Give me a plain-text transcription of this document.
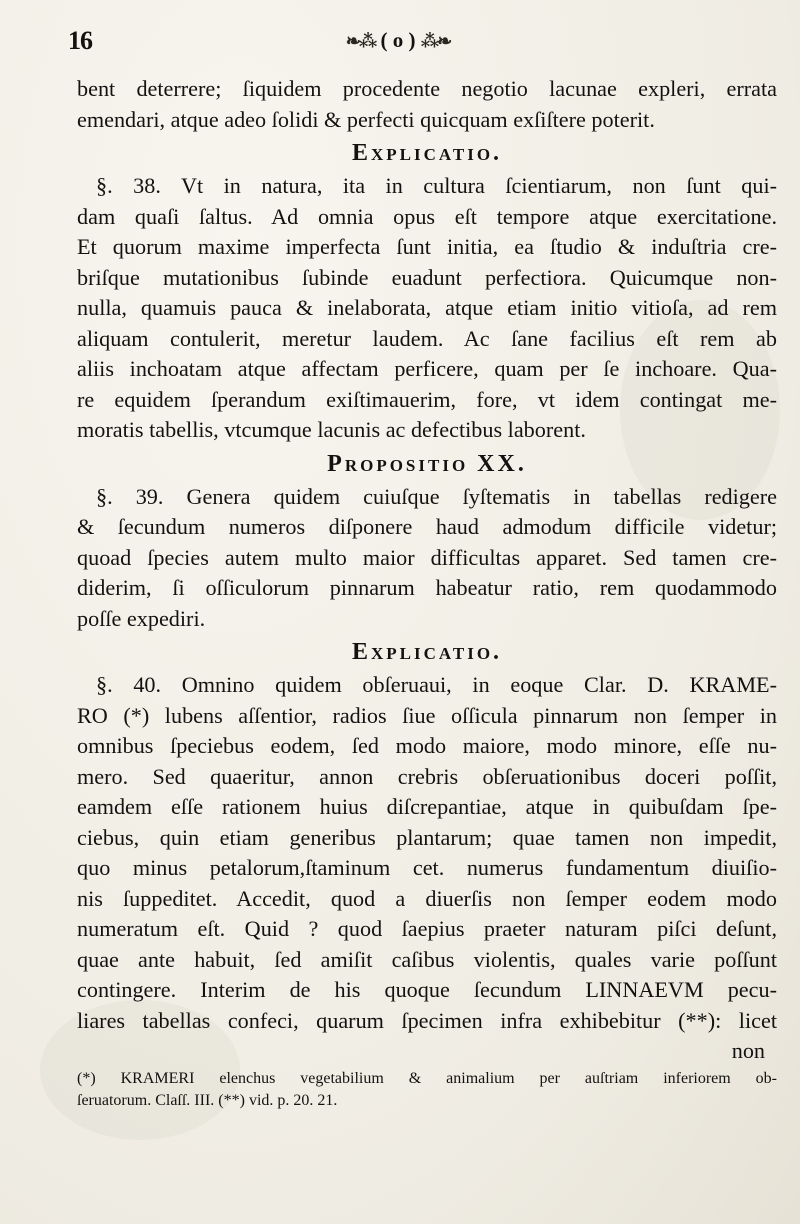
16	❧⁂ ( o ) ⁂❧
bent deterrere; ſiquidem procedente negotio lacunae expleri, errata
emendari, atque adeo ſolidi & perfecti quicquam exſiſtere poterit.
Explicatio.
§. 38. Vt in natura, ita in cultura ſcientiarum, non ſunt qui-
dam quaſi ſaltus. Ad omnia opus eſt tempore atque exercitatione.
Et quorum maxime imperfecta ſunt initia, ea ſtudio & induſtria cre-
briſque mutationibus ſubinde euadunt perfectiora. Quicumque non-
nulla, quamuis pauca & inelaborata, atque etiam initio vitioſa, ad rem
aliquam contulerit, meretur laudem. Ac ſane facilius eſt rem ab
aliis inchoatam atque affectam perficere, quam per ſe inchoare. Qua-
re equidem ſperandum exiſtimauerim, fore, vt idem contingat me-
moratis tabellis, vtcumque lacunis ac defectibus laborent.
Propositio XX.
§. 39. Genera quidem cuiuſque ſyſtematis in tabellas redigere
& ſecundum numeros diſponere haud admodum difficile videtur;
quoad ſpecies autem multo maior difficultas apparet. Sed tamen cre-
diderim, ſi oſſiculorum pinnarum habeatur ratio, rem quodammodo
poſſe expediri.
Explicatio.
§. 40. Omnino quidem obſeruaui, in eoque Clar. D. KRAME-
RO (*) lubens aſſentior, radios ſiue oſſicula pinnarum non ſemper in
omnibus ſpeciebus eodem, ſed modo maiore, modo minore, eſſe nu-
mero. Sed quaeritur, annon crebris obſeruationibus doceri poſſit,
eamdem eſſe rationem huius diſcrepantiae, atque in quibuſdam ſpe-
ciebus, quin etiam generibus plantarum; quae tamen non impedit,
quo minus petalorum,ſtaminum cet. numerus fundamentum diuiſio-
nis ſuppeditet. Accedit, quod a diuerſis non ſemper eodem modo
numeratum eſt. Quid ? quod ſaepius praeter naturam piſci deſunt,
quae ante habuit, ſed amiſit caſibus violentis, quales varie poſſunt
contingere. Interim de his quoque ſecundum LINNAEVM pecu-
liares tabellas confeci, quarum ſpecimen infra exhibebitur (**): licet
non
(*) KRAMERI elenchus vegetabilium & animalium per auſtriam inferiorem ob-
ſeruatorum. Claſſ. III. (**) vid. p. 20. 21.
